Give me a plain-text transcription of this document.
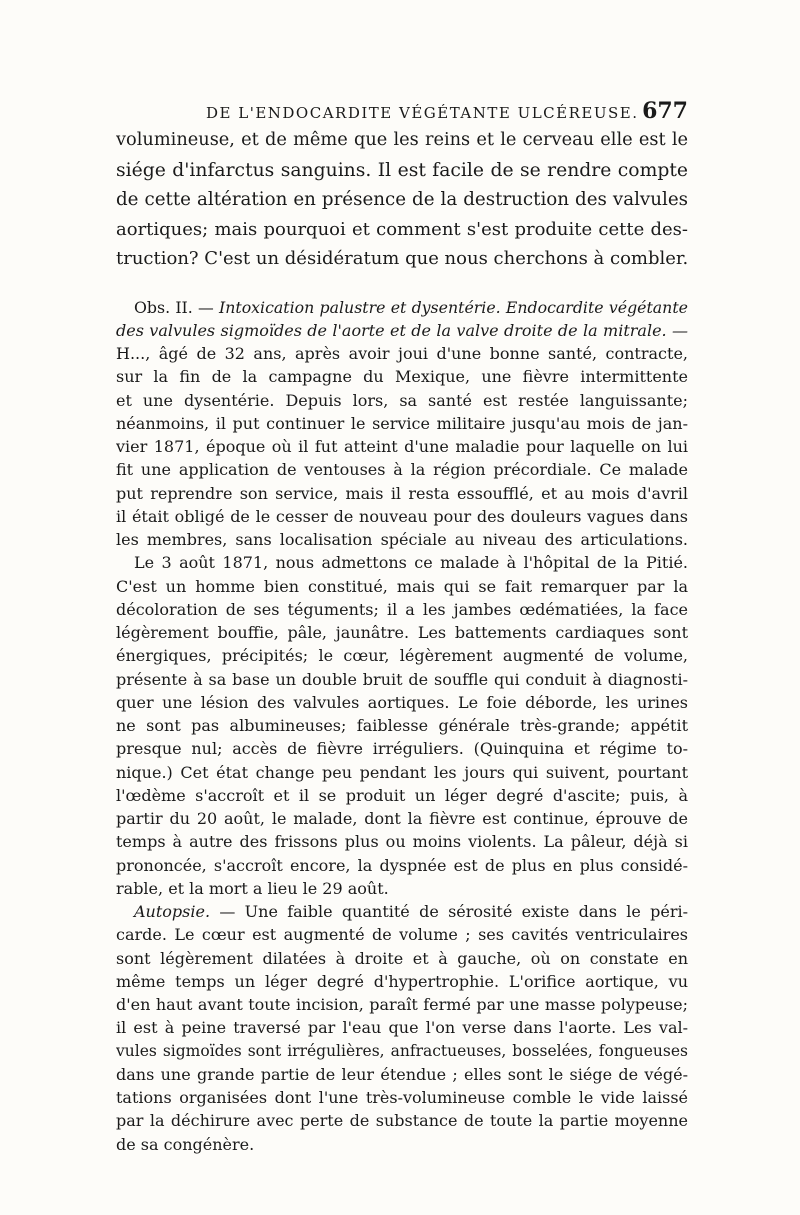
DE L'ENDOCARDITE VÉGÉTANTE ULCÉREUSE. 677
volumineuse, et de même que les reins et le cerveau elle est le
siége d'infarctus sanguins. Il est facile de se rendre compte
de cette altération en présence de la destruction des valvules
aortiques; mais pourquoi et comment s'est produite cette des-
truction? C'est un désidératum que nous cherchons à combler.
Obs. II. — Intoxication palustre et dysentérie. Endocardite végétante
des valvules sigmoïdes de l'aorte et de la valve droite de la mitrale. —
H..., âgé de 32 ans, après avoir joui d'une bonne santé, contracte,
sur la fin de la campagne du Mexique, une fièvre intermittente
et une dysentérie. Depuis lors, sa santé est restée languissante;
néanmoins, il put continuer le service militaire jusqu'au mois de jan-
vier 1871, époque où il fut atteint d'une maladie pour laquelle on lui
fit une application de ventouses à la région précordiale. Ce malade
put reprendre son service, mais il resta essoufflé, et au mois d'avril
il était obligé de le cesser de nouveau pour des douleurs vagues dans
les membres, sans localisation spéciale au niveau des articulations.
Le 3 août 1871, nous admettons ce malade à l'hôpital de la Pitié.
C'est un homme bien constitué, mais qui se fait remarquer par la
décoloration de ses téguments; il a les jambes œdématiées, la face
légèrement bouffie, pâle, jaunâtre. Les battements cardiaques sont
énergiques, précipités; le cœur, légèrement augmenté de volume,
présente à sa base un double bruit de souffle qui conduit à diagnosti-
quer une lésion des valvules aortiques. Le foie déborde, les urines
ne sont pas albumineuses; faiblesse générale très-grande; appétit
presque nul; accès de fièvre irréguliers. (Quinquina et régime to-
nique.) Cet état change peu pendant les jours qui suivent, pourtant
l'œdème s'accroît et il se produit un léger degré d'ascite; puis, à
partir du 20 août, le malade, dont la fièvre est continue, éprouve de
temps à autre des frissons plus ou moins violents. La pâleur, déjà si
prononcée, s'accroît encore, la dyspnée est de plus en plus considé-
rable, et la mort a lieu le 29 août.
Autopsie. — Une faible quantité de sérosité existe dans le péri-
carde. Le cœur est augmenté de volume ; ses cavités ventriculaires
sont légèrement dilatées à droite et à gauche, où on constate en
même temps un léger degré d'hypertrophie. L'orifice aortique, vu
d'en haut avant toute incision, paraît fermé par une masse polypeuse;
il est à peine traversé par l'eau que l'on verse dans l'aorte. Les val-
vules sigmoïdes sont irrégulières, anfractueuses, bosselées, fongueuses
dans une grande partie de leur étendue ; elles sont le siége de végé-
tations organisées dont l'une très-volumineuse comble le vide laissé
par la déchirure avec perte de substance de toute la partie moyenne
de sa congénère.
